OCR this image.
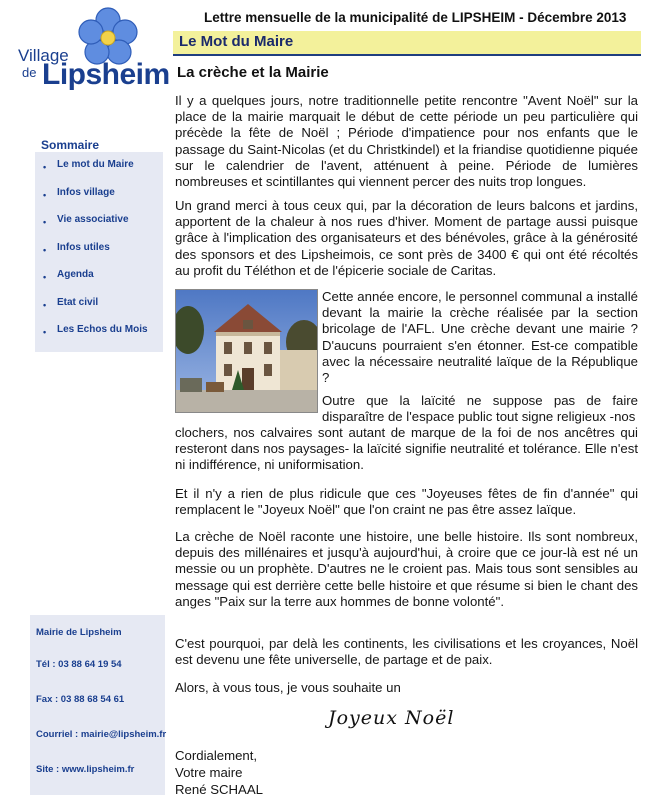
Village
de Lipsheim
Lettre mensuelle de la municipalité de LIPSHEIM - Décembre 2013
Le Mot du Maire
La crèche et la Mairie
Sommaire
• Le mot du Maire
• Infos village
• Vie associative
• Infos utiles
• Agenda
• Etat civil
• Les Echos du Mois
Mairie de Lipsheim
Tél : 03 88 64 19 54
Fax : 03 88 68 54 61
Courriel : mairie@lipsheim.fr
Site : www.lipsheim.fr

Il y a quelques jours, notre traditionnelle petite rencontre "Avent Noël" sur la place de la mairie marquait le début de cette période un peu particulière qui précède la fête de Noël ; Période d'impatience pour nos enfants que le passage du Saint-Nicolas (et du Christkindel) et la friandise quotidienne piquée sur le calendrier de l'avent, atténuent à peine. Période de lumières nombreuses et scintillantes qui viennent percer des nuits trop longues.

Un grand merci à tous ceux qui, par la décoration de leurs balcons et jardins, apportent de la chaleur à nos rues d'hiver. Moment de partage aussi puisque grâce à l'implication des organisateurs et des bénévoles, grâce à la générosité des sponsors et des Lipsheimois, ce sont près de 3400 € qui ont été récoltés au profit du Téléthon et de l'épicerie sociale de Caritas.

Cette année encore, le personnel communal a installé devant la mairie la crèche réalisée par la section bricolage de l'AFL. Une crèche devant une mairie ? D'aucuns pourraient s'en étonner. Est-ce compatible avec la nécessaire neutralité laïque de la République ?

Outre que la laïcité ne suppose pas de faire disparaître de l'espace public tout signe religieux -nos

clochers, nos calvaires sont autant de marque de la foi de nos ancêtres qui resteront dans nos paysages- la laïcité signifie neutralité et tolérance. Elle n'est ni indifférence, ni uniformisation.

Et il n'y a rien de plus ridicule que ces "Joyeuses fêtes de fin d'année" qui remplacent le "Joyeux Noël" que l'on craint ne pas être assez laïque.

La crèche de Noël raconte une histoire, une belle histoire. Ils sont nombreux, depuis des millénaires et jusqu'à aujourd'hui, à croire que ce jour-là est né un messie ou un prophète. D'autres ne le croient pas. Mais tous sont sensibles au message qui est derrière cette belle histoire et que résume si bien le chant des anges "Paix sur la terre aux hommes de bonne volonté".

C'est pourquoi, par delà les continents, les civilisations et les croyances, Noël est devenu une fête universelle, de partage et de paix.

Alors, à vous tous, je vous souhaite un

Joyeux Noël
Cordialement,
Votre maire
René SCHAAL
